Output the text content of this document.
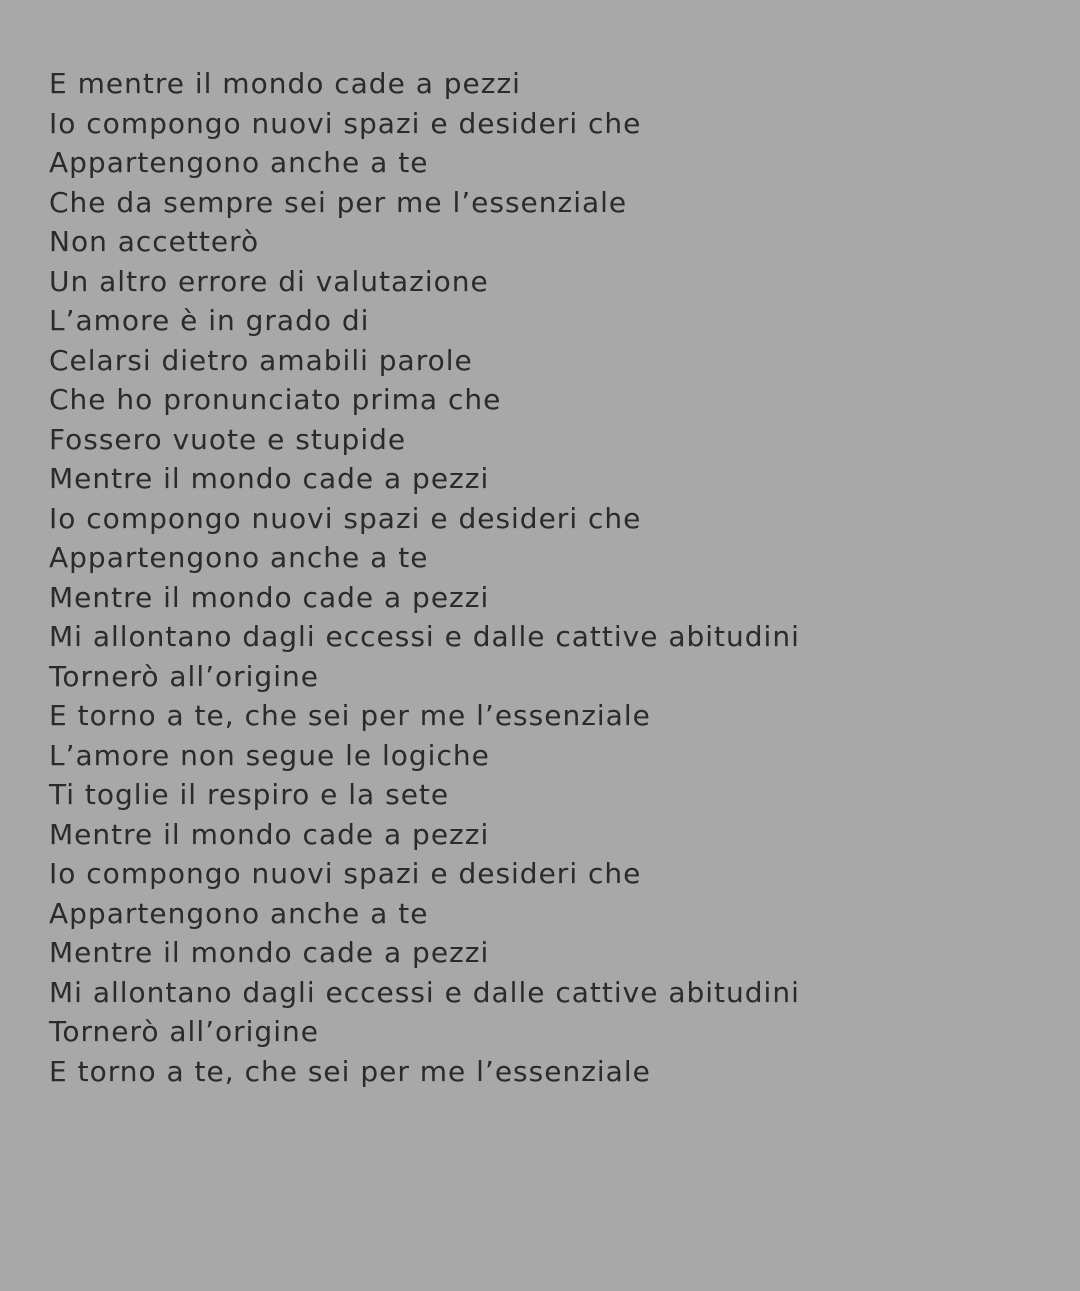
E mentre il mondo cade a pezzi
Io compongo nuovi spazi e desideri che
Appartengono anche a te
Che da sempre sei per me l’essenziale
Non accetterò
Un altro errore di valutazione
L’amore è in grado di
Celarsi dietro amabili parole
Che ho pronunciato prima che
Fossero vuote e stupide
Mentre il mondo cade a pezzi
Io compongo nuovi spazi e desideri che
Appartengono anche a te
Mentre il mondo cade a pezzi
Mi allontano dagli eccessi e dalle cattive abitudini
Tornerò all’origine
E torno a te, che sei per me l’essenziale
L’amore non segue le logiche
Ti toglie il respiro e la sete
Mentre il mondo cade a pezzi
Io compongo nuovi spazi e desideri che
Appartengono anche a te
Mentre il mondo cade a pezzi
Mi allontano dagli eccessi e dalle cattive abitudini
Tornerò all’origine
E torno a te, che sei per me l’essenziale
